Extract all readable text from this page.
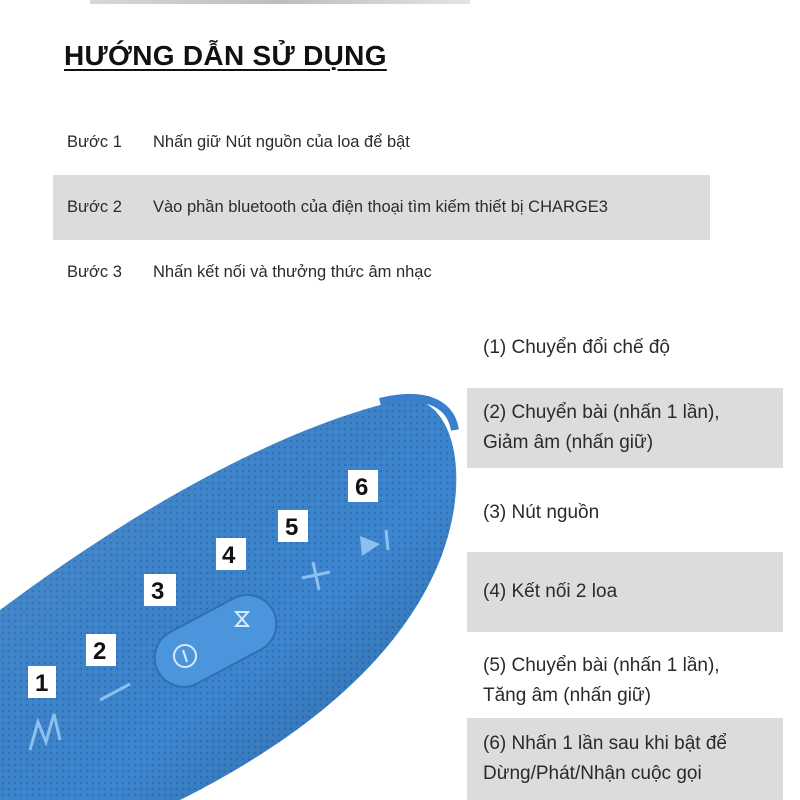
HƯỚNG DẪN SỬ DỤNG
Bước 1	Nhấn giữ Nút nguồn của loa để bật
Bước 2	Vào phần bluetooth của điện thoại tìm kiếm thiết bị CHARGE3
Bước 3	Nhấn kết nối và thưởng thức âm nhạc
1
2
3
4
5
6
(1) Chuyển đổi chế độ
(2) Chuyển bài (nhấn 1 lần),
Giảm âm (nhấn giữ)
(3) Nút nguồn
(4) Kết nối 2 loa
(5) Chuyển bài (nhấn 1 lần),
Tăng âm (nhấn giữ)
(6) Nhấn 1 lần sau khi bật để
Dừng/Phát/Nhận cuộc gọi
